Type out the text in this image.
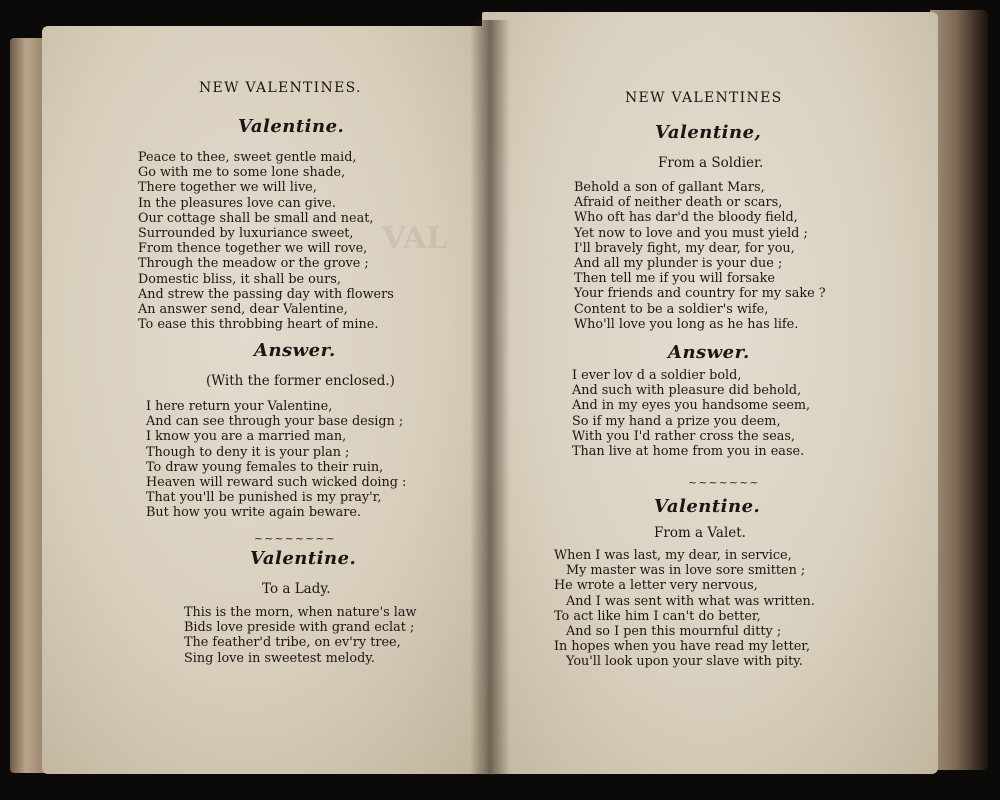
VAL
NEW VALENTINES.
Valentine.
Peace to thee, sweet gentle maid,
Go with me to some lone shade,
There together we will live,
In the pleasures love can give.
Our cottage shall be small and neat,
Surrounded by luxuriance sweet,
From thence together we will rove,
Through the meadow or the grove ;
Domestic bliss, it shall be ours,
And strew the passing day with flowers
An answer send, dear Valentine,
To ease this throbbing heart of mine.
Answer.
(With the former enclosed.)
I here return your Valentine,
And can see through your base design ;
I know you are a married man,
Though to deny it is your plan ;
To draw young females to their ruin,
Heaven will reward such wicked doing :
That you'll be punished is my pray'r,
But how you write again beware.
~~~~~~~~
Valentine.
To a Lady.
This is the morn, when nature's law
Bids love preside with grand eclat ;
The feather'd tribe, on ev'ry tree,
Sing love in sweetest melody.
NEW VALENTINES
Valentine,
From a Soldier.
Behold a son of gallant Mars,
Afraid of neither death or scars,
Who oft has dar'd the bloody field,
Yet now to love and you must yield ;
I'll bravely fight, my dear, for you,
And all my plunder is your due ;
Then tell me if you will forsake
Your friends and country for my sake ?
Content to be a soldier's wife,
Who'll love you long as he has life.
Answer.
I ever lov d a soldier bold,
And such with pleasure did behold,
And in my eyes you handsome seem,
So if my hand a prize you deem,
With you I'd rather cross the seas,
Than live at home from you in ease.
~~~~~~~
Valentine.
From a Valet.
When I was last, my dear, in service,
My master was in love sore smitten ;
He wrote a letter very nervous,
And I was sent with what was written.
To act like him I can't do better,
And so I pen this mournful ditty ;
In hopes when you have read my letter,
You'll look upon your slave with pity.
